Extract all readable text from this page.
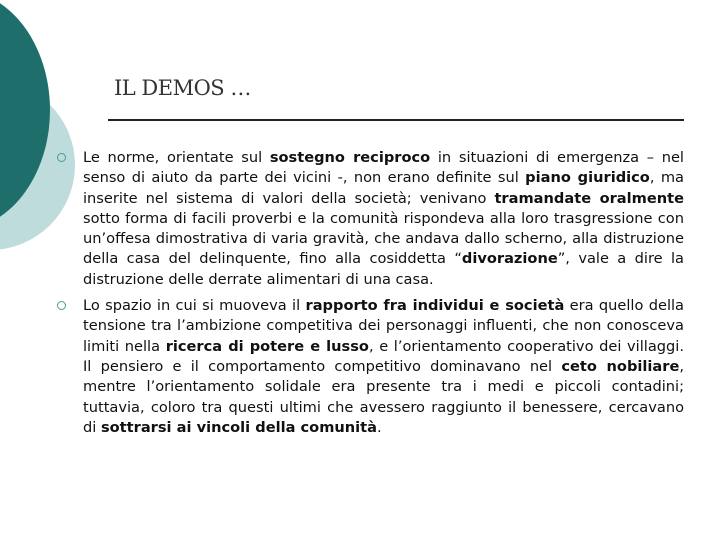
IL DEMOS …

Le norme, orientate sul sostegno reciproco in situazioni di emergenza – nel senso di aiuto da parte dei vicini -, non erano definite sul piano giuridico, ma inserite nel sistema di valori della società; venivano tramandate oralmente sotto forma di facili proverbi e la comunità rispondeva alla loro trasgressione con un’offesa dimostrativa di varia gravità, che andava dallo scherno, alla distruzione della casa del delinquente, fino alla cosiddetta “divorazione”, vale a dire la distruzione delle derrate alimentari di una casa.

Lo spazio in cui si muoveva il rapporto fra individui e società era quello della tensione tra l’ambizione competitiva dei personaggi influenti, che non conosceva limiti nella ricerca di potere e lusso, e l’orientamento cooperativo dei villaggi. Il pensiero e il comportamento competitivo dominavano nel ceto nobiliare, mentre l’orientamento solidale era presente tra i medi e piccoli contadini; tuttavia, coloro tra questi ultimi che avessero raggiunto il benessere, cercavano di sottrarsi ai vincoli della comunità.
